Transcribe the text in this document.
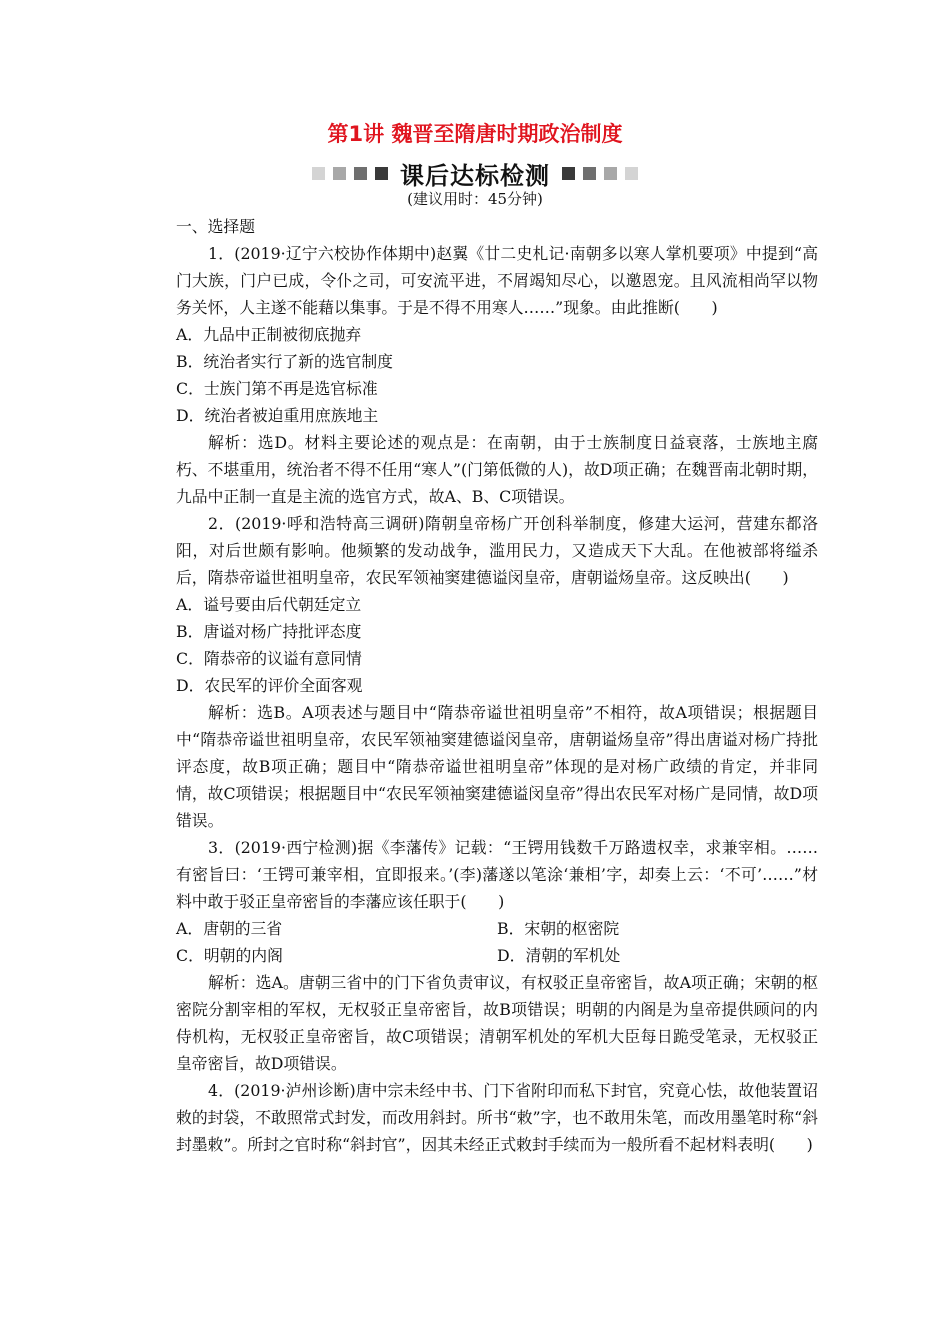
第1讲 魏晋至隋唐时期政治制度
课后达标检测
(建议用时：45分钟)

一、选择题

1．(2019·辽宁六校协作体期中)赵翼《廿二史札记·南朝多以寒人掌机要项》中提到“高门大族，门户已成，令仆之司，可安流平进，不屑竭知尽心，以邀恩宠。且风流相尚罕以物务关怀，人主遂不能藉以集事。于是不得不用寒人……”现象。由此推断(　　)

A．九品中正制被彻底抛弃

B．统治者实行了新的选官制度

C．士族门第不再是选官标准

D．统治者被迫重用庶族地主

解析：选D。材料主要论述的观点是：在南朝，由于士族制度日益衰落，士族地主腐朽、不堪重用，统治者不得不任用“寒人”(门第低微的人)，故D项正确；在魏晋南北朝时期，九品中正制一直是主流的选官方式，故A、B、C项错误。

2．(2019·呼和浩特高三调研)隋朝皇帝杨广开创科举制度，修建大运河，营建东都洛阳，对后世颇有影响。他频繁的发动战争，滥用民力，又造成天下大乱。在他被部将缢杀后，隋恭帝谥世祖明皇帝，农民军领袖窦建德谥闵皇帝，唐朝谥炀皇帝。这反映出(　　)

A．谥号要由后代朝廷定立

B．唐谥对杨广持批评态度

C．隋恭帝的议谥有意同情

D．农民军的评价全面客观

解析：选B。A项表述与题目中“隋恭帝谥世祖明皇帝”不相符，故A项错误；根据题目中“隋恭帝谥世祖明皇帝，农民军领袖窦建德谥闵皇帝，唐朝谥炀皇帝”得出唐谥对杨广持批评态度，故B项正确；题目中“隋恭帝谥世祖明皇帝”体现的是对杨广政绩的肯定，并非同情，故C项错误；根据题目中“农民军领袖窦建德谥闵皇帝”得出农民军对杨广是同情，故D项错误。

3．(2019·西宁检测)据《李藩传》记载：“王锷用钱数千万路遗权幸，求兼宰相。……有密旨曰：‘王锷可兼宰相，宜即报来。’(李)藩遂以笔涂‘兼相’字，却奏上云：‘不可’……”材料中敢于驳正皇帝密旨的李藩应该任职于(　　)

A．唐朝的三省	B．宋朝的枢密院
C．明朝的内阁	D．清朝的军机处

解析：选A。唐朝三省中的门下省负责审议，有权驳正皇帝密旨，故A项正确；宋朝的枢密院分割宰相的军权，无权驳正皇帝密旨，故B项错误；明朝的内阁是为皇帝提供顾问的内侍机构，无权驳正皇帝密旨，故C项错误；清朝军机处的军机大臣每日跪受笔录，无权驳正皇帝密旨，故D项错误。

4．(2019·泸州诊断)唐中宗未经中书、门下省附印而私下封官，究竟心怯，故他装置诏敕的封袋，不敢照常式封发，而改用斜封。所书“敕”字，也不敢用朱笔，而改用墨笔时称“斜封墨敕”。所封之官时称“斜封官”，因其未经正式敕封手续而为一般所看不起材料表明(　　)
